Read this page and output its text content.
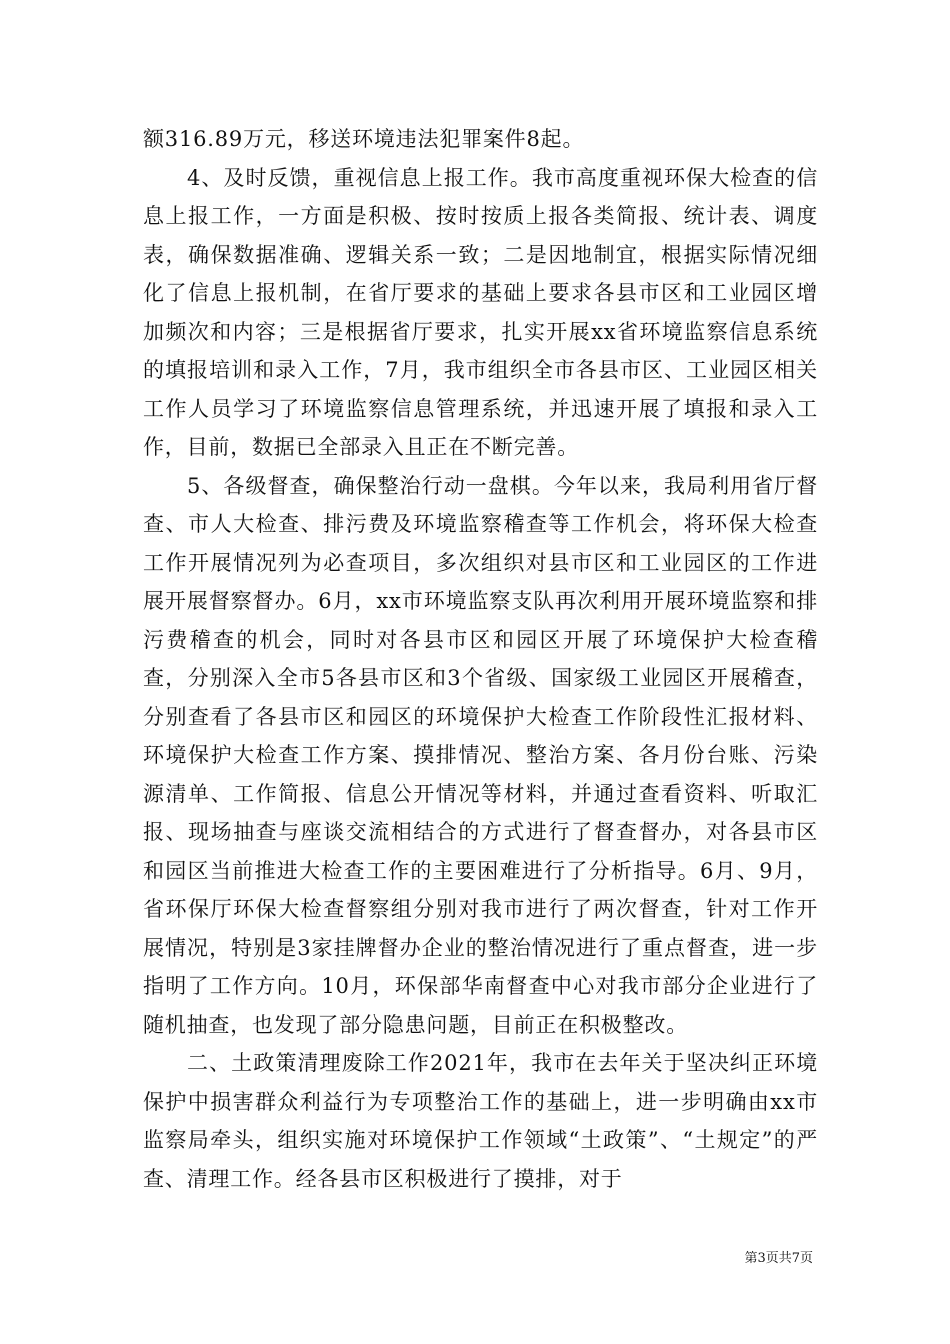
额316.89万元，移送环境违法犯罪案件8起。

4、及时反馈，重视信息上报工作。我市高度重视环保大检查的信息上报工作，一方面是积极、按时按质上报各类简报、统计表、调度表，确保数据准确、逻辑关系一致；二是因地制宜，根据实际情况细化了信息上报机制，在省厅要求的基础上要求各县市区和工业园区增加频次和内容；三是根据省厅要求，扎实开展xx省环境监察信息系统的填报培训和录入工作，7月，我市组织全市各县市区、工业园区相关工作人员学习了环境监察信息管理系统，并迅速开展了填报和录入工作，目前，数据已全部录入且正在不断完善。

5、各级督查，确保整治行动一盘棋。今年以来，我局利用省厅督查、市人大检查、排污费及环境监察稽查等工作机会，将环保大检查工作开展情况列为必查项目，多次组织对县市区和工业园区的工作进展开展督察督办。6月，xx市环境监察支队再次利用开展环境监察和排污费稽查的机会，同时对各县市区和园区开展了环境保护大检查稽查，分别深入全市5各县市区和3个省级、国家级工业园区开展稽查，分别查看了各县市区和园区的环境保护大检查工作阶段性汇报材料、环境保护大检查工作方案、摸排情况、整治方案、各月份台账、污染源清单、工作简报、信息公开情况等材料，并通过查看资料、听取汇报、现场抽查与座谈交流相结合的方式进行了督查督办，对各县市区和园区当前推进大检查工作的主要困难进行了分析指导。6月、9月，省环保厅环保大检查督察组分别对我市进行了两次督查，针对工作开展情况，特别是3家挂牌督办企业的整治情况进行了重点督查，进一步指明了工作方向。10月，环保部华南督查中心对我市部分企业进行了随机抽查，也发现了部分隐患问题，目前正在积极整改。

二、土政策清理废除工作2021年，我市在去年关于坚决纠正环境保护中损害群众利益行为专项整治工作的基础上，进一步明确由xx市监察局牵头，组织实施对环境保护工作领域“土政策”、“土规定”的严查、清理工作。经各县市区积极进行了摸排，对于

第3页共7页
